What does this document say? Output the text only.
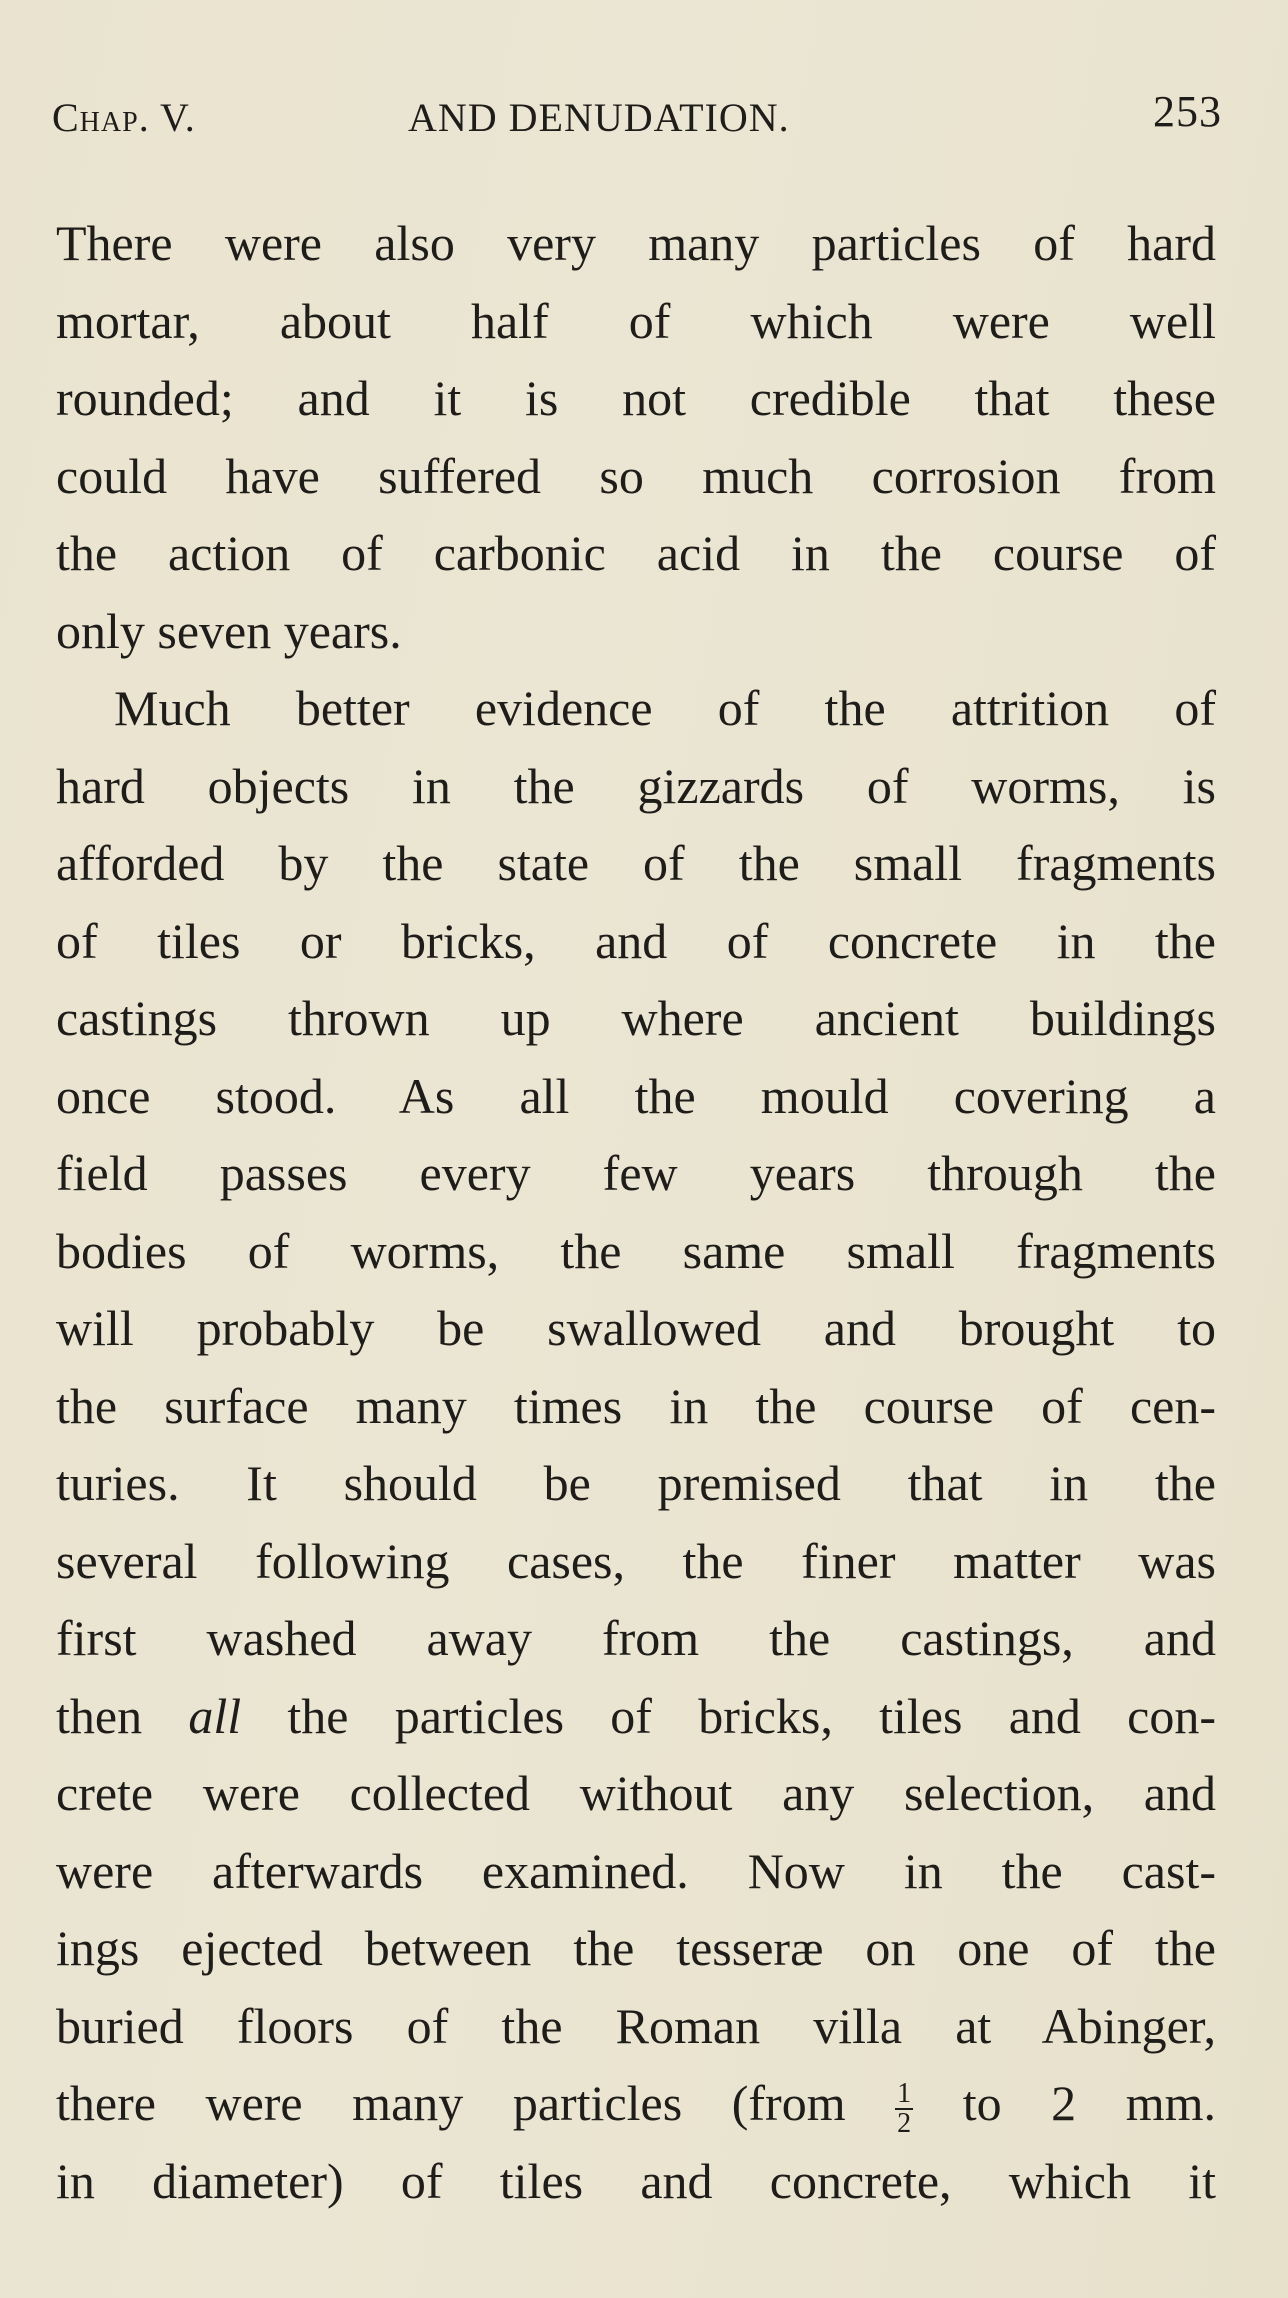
Chap. V.	AND DENUDATION.	253
There were also very many particles of hard
mortar, about half of which were well
rounded; and it is not credible that these
could have suffered so much corrosion from
the action of carbonic acid in the course of
only seven years.
Much better evidence of the attrition of
hard objects in the gizzards of worms, is
afforded by the state of the small fragments
of tiles or bricks, and of concrete in the
castings thrown up where ancient buildings
once stood. As all the mould covering a
field passes every few years through the
bodies of worms, the same small fragments
will probably be swallowed and brought to
the surface many times in the course of cen-
turies. It should be premised that in the
several following cases, the finer matter was
first washed away from the castings, and
then all the particles of bricks, tiles and con-
crete were collected without any selection, and
were afterwards examined. Now in the cast-
ings ejected between the tesseræ on one of the
buried floors of the Roman villa at Abinger,
there were many particles (from $\frac{1}{2}$ to 2 mm.
in diameter) of tiles and concrete, which it
